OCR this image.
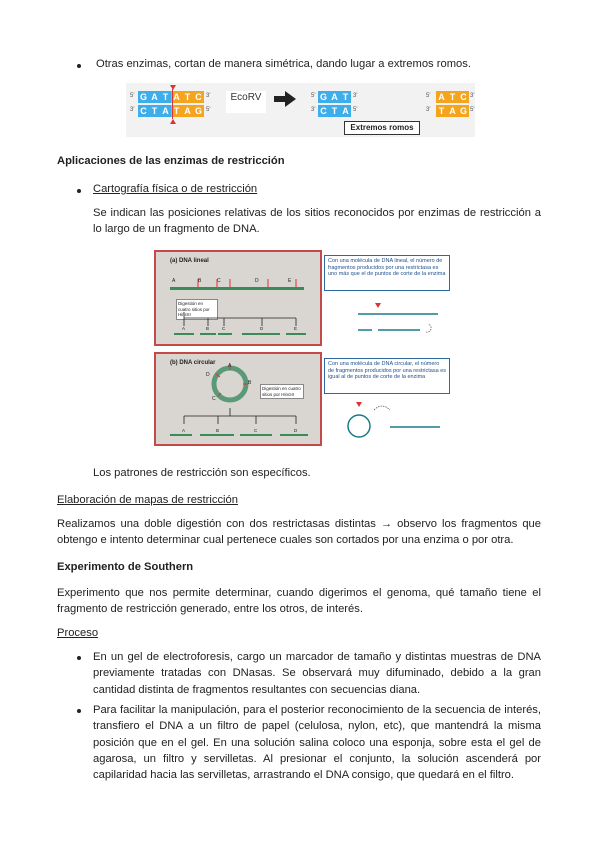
Otras enzimas, cortan de manera simétrica, dando lugar a extremos romos.
5'
3'
G A T A T C
C T A T A G
3'
5'
EcoRV	5'
3'
G A T
C T A
3'
5'
Extremos romos
5'
3'
A T C
T A G
3'
5'
Aplicaciones de las enzimas de restricción
Cartografía física o de restricción
Se indican las posiciones relativas de los sitios reconocidos por enzimas de restricción a lo largo de un fragmento de DNA.
(a) DNA lineal
A	B	C	D	E
Digestión en cuatro sitios por HincIII
A	B	C	D	E
Con una molécula de DNA lineal, el número de fragmentos producidos por una restrictasa es uno más que el de puntos de corte de la enzima
(b) DNA circular	A
B
C
D
Digestión en cuatro sitios por HincIII
A	B	C	D
Con una molécula de DNA circular, el número de fragmentos producidos por una restrictasa es igual al de puntos de corte de la enzima
Los patrones de restricción son específicos.
Elaboración de mapas de restricción
Realizamos una doble digestión con dos restrictasas distintas → observo los fragmentos que obtengo e intento determinar cual pertenece cuales son cortados por una enzima o por otra.
Experimento de Southern
Experimento que nos permite determinar, cuando digerimos el genoma, qué tamaño tiene el fragmento de restricción generado, entre los otros, de interés.
Proceso
En un gel de electroforesis, cargo un marcador de tamaño y distintas muestras de DNA previamente tratadas con DNasas. Se observará muy difuminado, debido a la gran cantidad distinta de fragmentos resultantes con secuencias diana.
Para facilitar la manipulación, para el posterior reconocimiento de la secuencia de interés, transfiero el DNA a un filtro de papel (celulosa, nylon, etc), que mantendrá la misma posición que en el gel. En una solución salina coloco una esponja, sobre esta el gel de agarosa, un filtro y servilletas. Al presionar el conjunto, la solución ascenderá por capilaridad hacia las servilletas, arrastrando el DNA consigo, que quedará en el filtro.
